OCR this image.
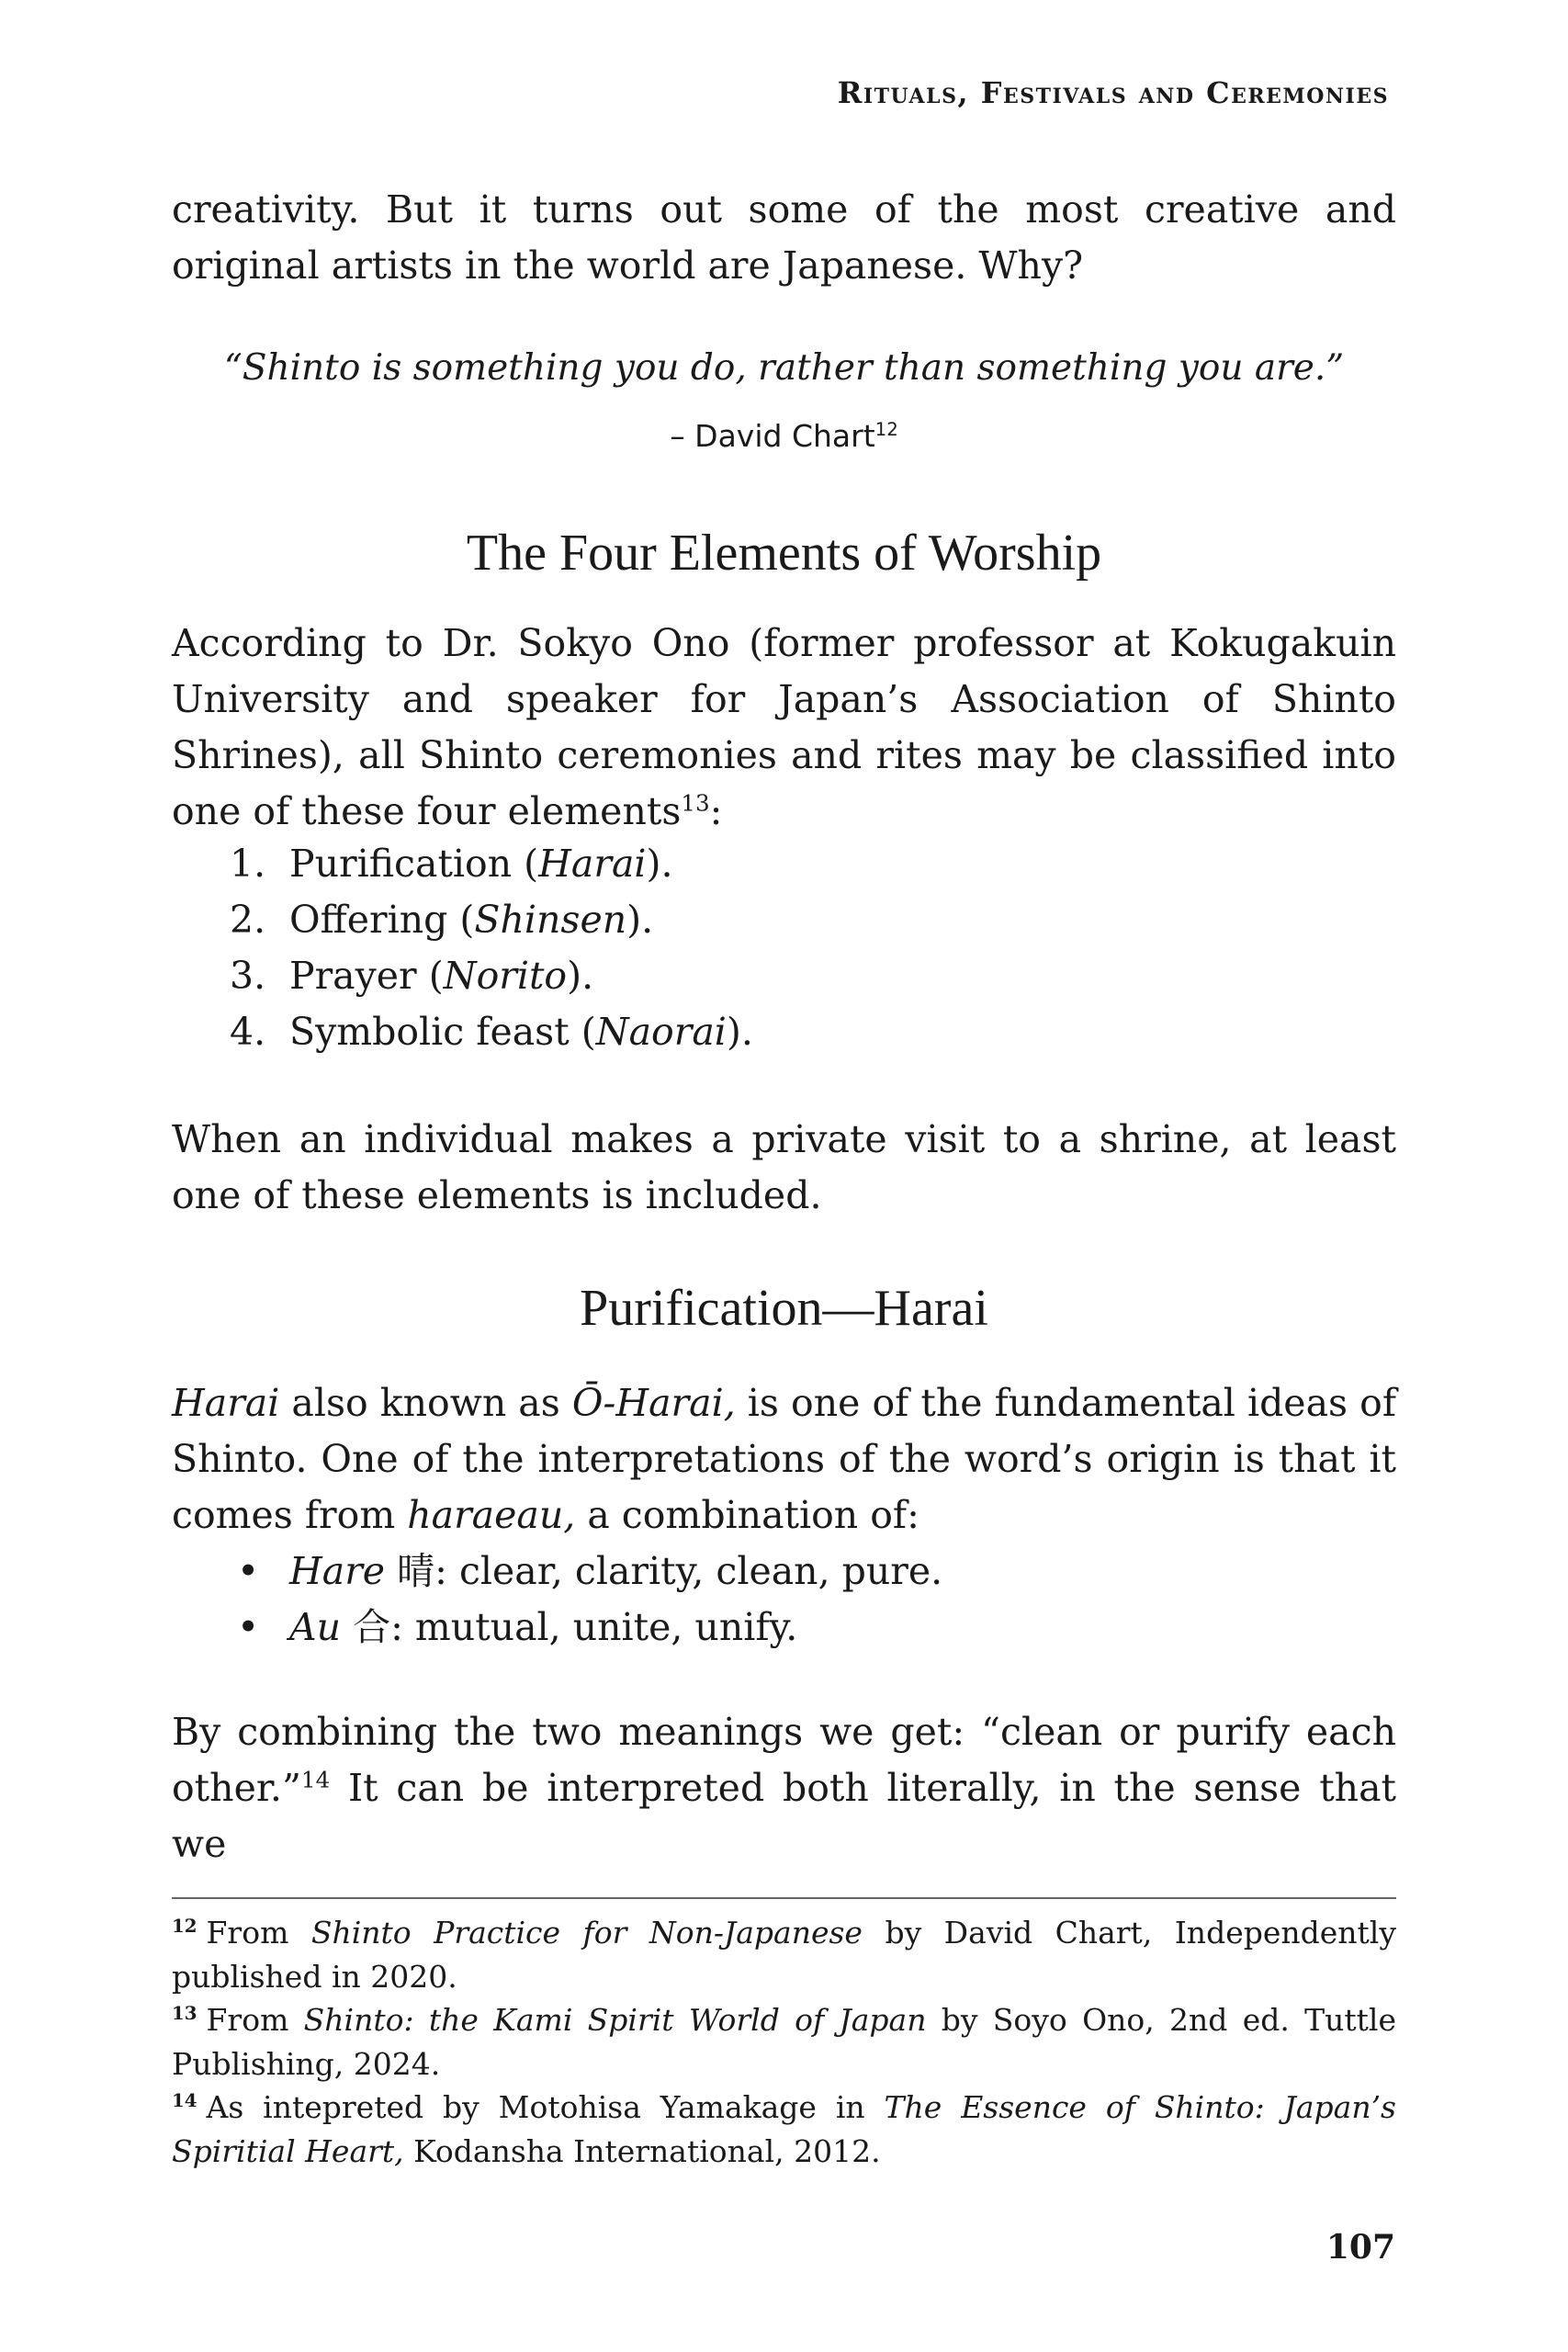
Rituals, Festivals and Ceremonies
creativity. But it turns out some of the most creative and original artists in the world are Japanese. Why?
“Shinto is something you do, rather than something you are.”
– David Chart$^{12}$
The Four Elements of Worship
According to Dr. Sokyo Ono (former professor at Kokugakuin University and speaker for Japan’s Association of Shinto Shrines), all Shinto ceremonies and rites may be classified into one of these four elements$^{13}$:
1. Purification (Harai).
2. Offering (Shinsen).
3. Prayer (Norito).
4. Symbolic feast (Naorai).
When an individual makes a private visit to a shrine, at least one of these elements is included.
Purification—Harai
Harai also known as Ō-Harai, is one of the fundamental ideas of Shinto. One of the interpretations of the word’s origin is that it comes from haraeau, a combination of:
• Hare 晴: clear, clarity, clean, pure.
• Au 合: mutual, unite, unify.
By combining the two meanings we get: “clean or purify each other.”$^{14}$ It can be interpreted both literally, in the sense that we
$^{12}$ From Shinto Practice for Non-Japanese by David Chart, Independently published in 2020.
$^{13}$ From Shinto: the Kami Spirit World of Japan by Soyo Ono, 2nd ed. Tuttle Publishing, 2024.
$^{14}$ As intepreted by Motohisa Yamakage in The Essence of Shinto: Japan’s Spiritial Heart, Kodansha International, 2012.
107
